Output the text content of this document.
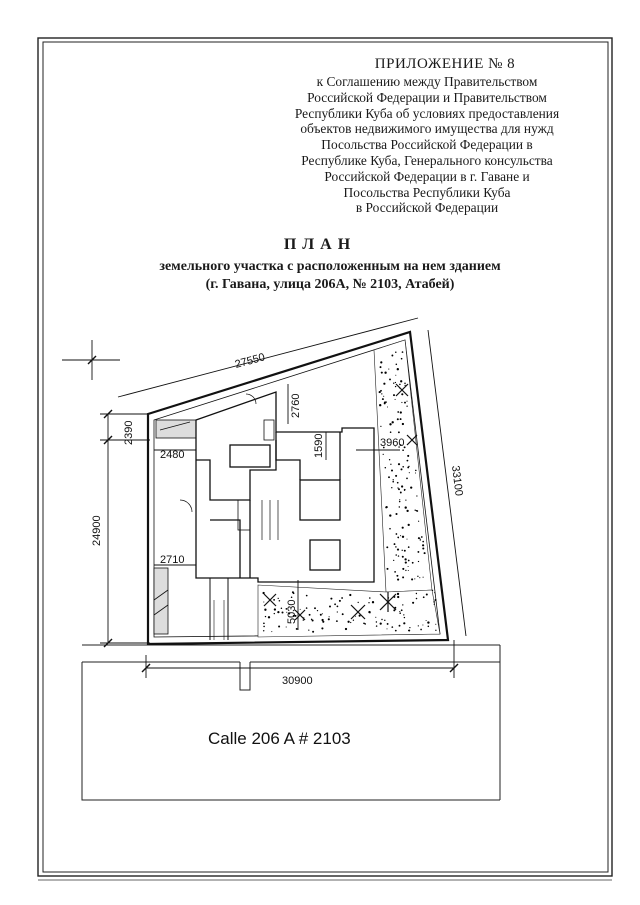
27550
2390
24900
33100
30900
2480
2710
2760
1590	3960
5030
ПРИЛОЖЕНИЕ № 8
к Соглашению между Правительством
Российской Федерации и Правительством
Республики Куба об условиях предоставления
объектов недвижимого имущества для нужд
Посольства Российской Федерации в
Республике Куба, Генерального консульства
Российской Федерации в г. Гаване и
Посольства Республики Куба
в Российской Федерации
ПЛАН
земельного участка с расположенным на нем зданием
(г. Гавана, улица 206А, № 2103, Атабей)
Calle 206 A # 2103
